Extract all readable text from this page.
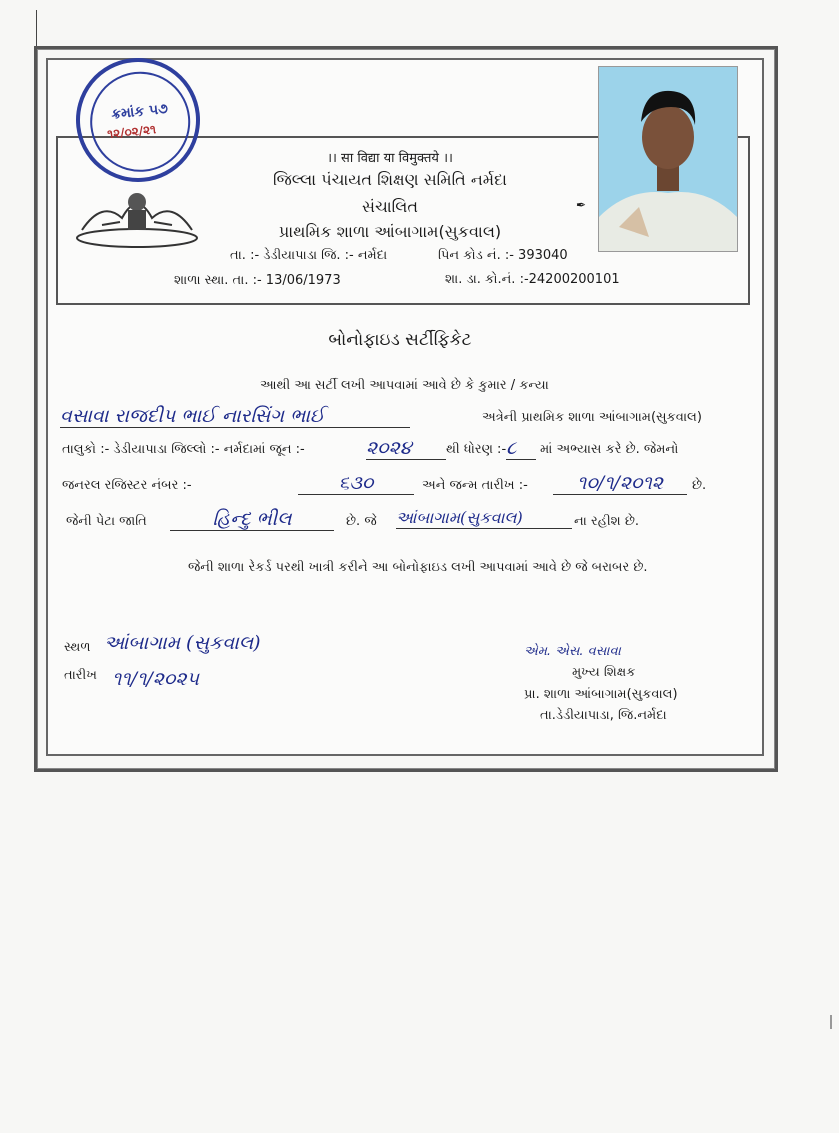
ક્રમાંક ૫૭
૧૨/૦૨/૨૧
।। सा विद्या या विमुक्तये ।।
જિલ્લા પંચાયત શિક્ષણ સમિતિ નર્મદા
સંચાલિત
પ્રાથમિક શાળા આંબાગામ(સુકવાલ)
તા. :- ડેડીયાપાડા જિ. :- નર્મદા	પિન કોડ નં. :- 393040
શાળા સ્થા. તા. :- 13/06/1973	શા. ડા. કો.નં. :-24200200101
✒
બોનોફાઇડ સર્ટીફિકેટ
આથી આ સર્ટી લખી આપવામાં આવે છે કે કુમાર / કન્યા
વસાવા રાજદીપ ભાઈ નારસિંગ ભાઈ	અત્રેની પ્રાથમિક શાળા આંબાગામ(સુકવાલ)
તાલુકો :- ડેડીયાપાડા જિલ્લો :- નર્મદામાં જૂન :-	૨૦૨૪	થી ધોરણ :- ૮	માં અભ્યાસ કરે છે. જેમનો
જનરલ રજિસ્ટર નંબર :-	૬૩૦	અને જન્મ તારીખ :-	૧૦/૧/૨૦૧૨	છે.
જેની પેટા જાતિ	હિન્દુ ભીલ	છે. જે આંબાગામ(સુકવાલ)	ના રહીશ છે.
જેની શાળા રેકર્ડ પરથી ખાત્રી કરીને આ બોનોફાઇડ લખી આપવામાં આવે છે જે બરાબર છે.
સ્થળ આંબાગામ (સુકવાલ)
તારીખ ૧૧/૧/૨૦૨૫
એમ. એસ. વસાવા
મુખ્ય શિક્ષક
પ્રા. શાળા આંબાગામ(સુકવાલ)
તા.ડેડીયાપાડા, જિ.નર્મદા
